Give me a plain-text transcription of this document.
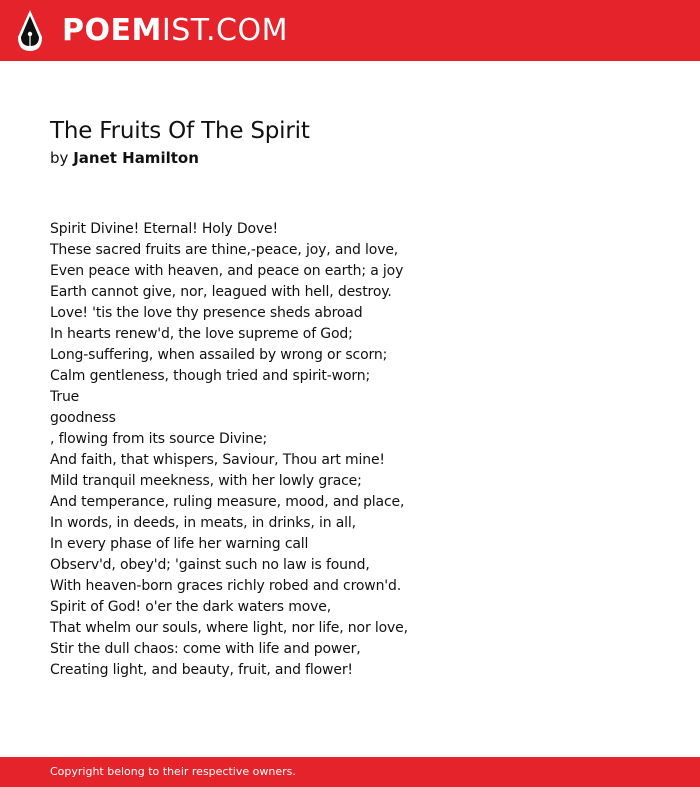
POEMIST.COM
The Fruits Of The Spirit
by Janet Hamilton
Spirit Divine! Eternal! Holy Dove!
These sacred fruits are thine,-peace, joy, and love,
Even peace with heaven, and peace on earth; a joy
Earth cannot give, nor, leagued with hell, destroy.
Love! 'tis the love thy presence sheds abroad
In hearts renew'd, the love supreme of God;
Long-suffering, when assailed by wrong or scorn;
Calm gentleness, though tried and spirit-worn;
True
goodness
, flowing from its source Divine;
And faith, that whispers, Saviour, Thou art mine!
Mild tranquil meekness, with her lowly grace;
And temperance, ruling measure, mood, and place,
In words, in deeds, in meats, in drinks, in all,
In every phase of life her warning call
Observ'd, obey'd; 'gainst such no law is found,
With heaven-born graces richly robed and crown'd.
Spirit of God! o'er the dark waters move,
That whelm our souls, where light, nor life, nor love,
Stir the dull chaos: come with life and power,
Creating light, and beauty, fruit, and flower!
Copyright belong to their respective owners.
